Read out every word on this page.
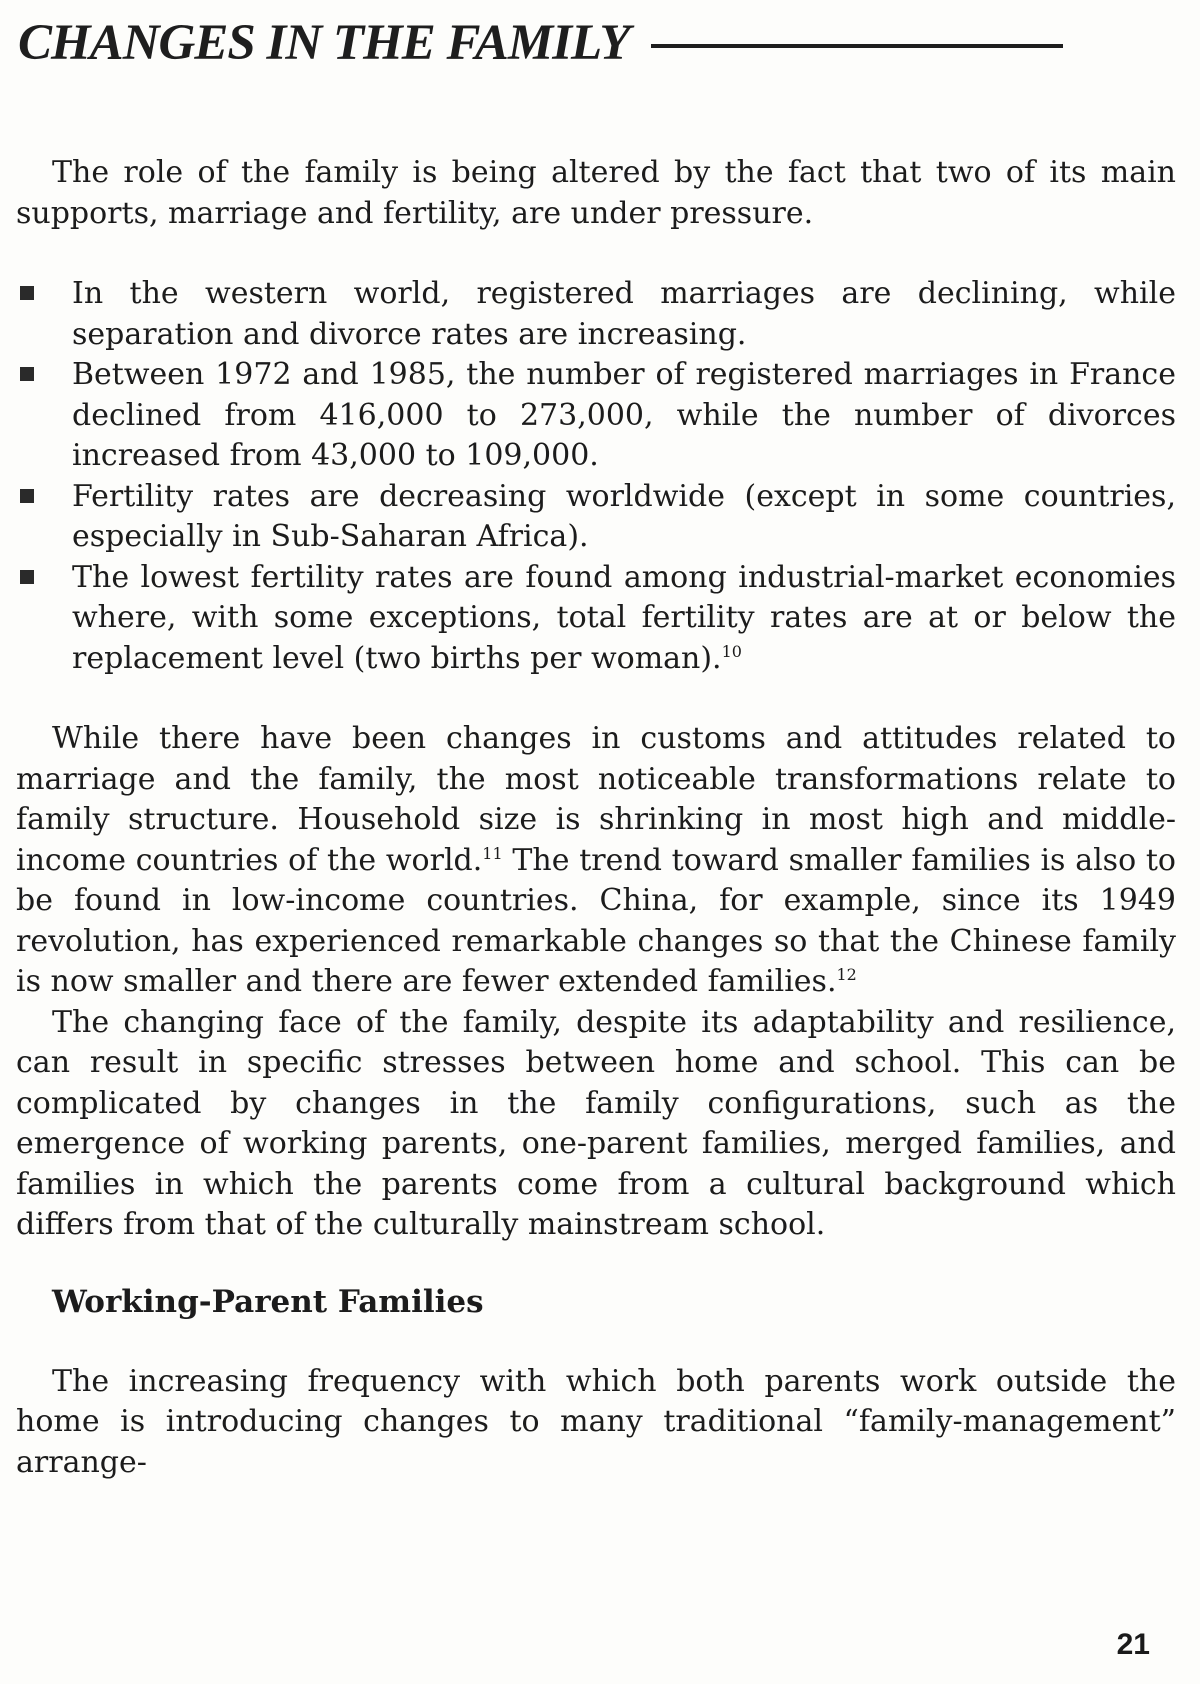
CHANGES IN THE FAMILY

The role of the family is being altered by the fact that two of its main supports, marriage and fertility, are under pressure.

In the western world, registered marriages are declining, while separation and divorce rates are increasing.
Between 1972 and 1985, the number of registered marriages in France declined from 416,000 to 273,000, while the number of divorces increased from 43,000 to 109,000.
Fertility rates are decreasing worldwide (except in some countries, especially in Sub-Saharan Africa).
The lowest fertility rates are found among industrial-market economies where, with some exceptions, total fertility rates are at or below the replacement level (two births per woman).$^{10}$

While there have been changes in customs and attitudes related to marriage and the family, the most noticeable transformations relate to family structure. Household size is shrinking in most high and middle-income countries of the world.$^{11}$ The trend toward smaller families is also to be found in low-income countries. China, for example, since its 1949 revolution, has experienced remarkable changes so that the Chinese family is now smaller and there are fewer extended families.$^{12}$

The changing face of the family, despite its adaptability and resilience, can result in specific stresses between home and school. This can be complicated by changes in the family configurations, such as the emergence of working parents, one-parent families, merged families, and families in which the parents come from a cultural background which differs from that of the culturally mainstream school.

Working-Parent Families

The increasing frequency with which both parents work outside the home is introducing changes to many traditional “family-management” arrange-

21
